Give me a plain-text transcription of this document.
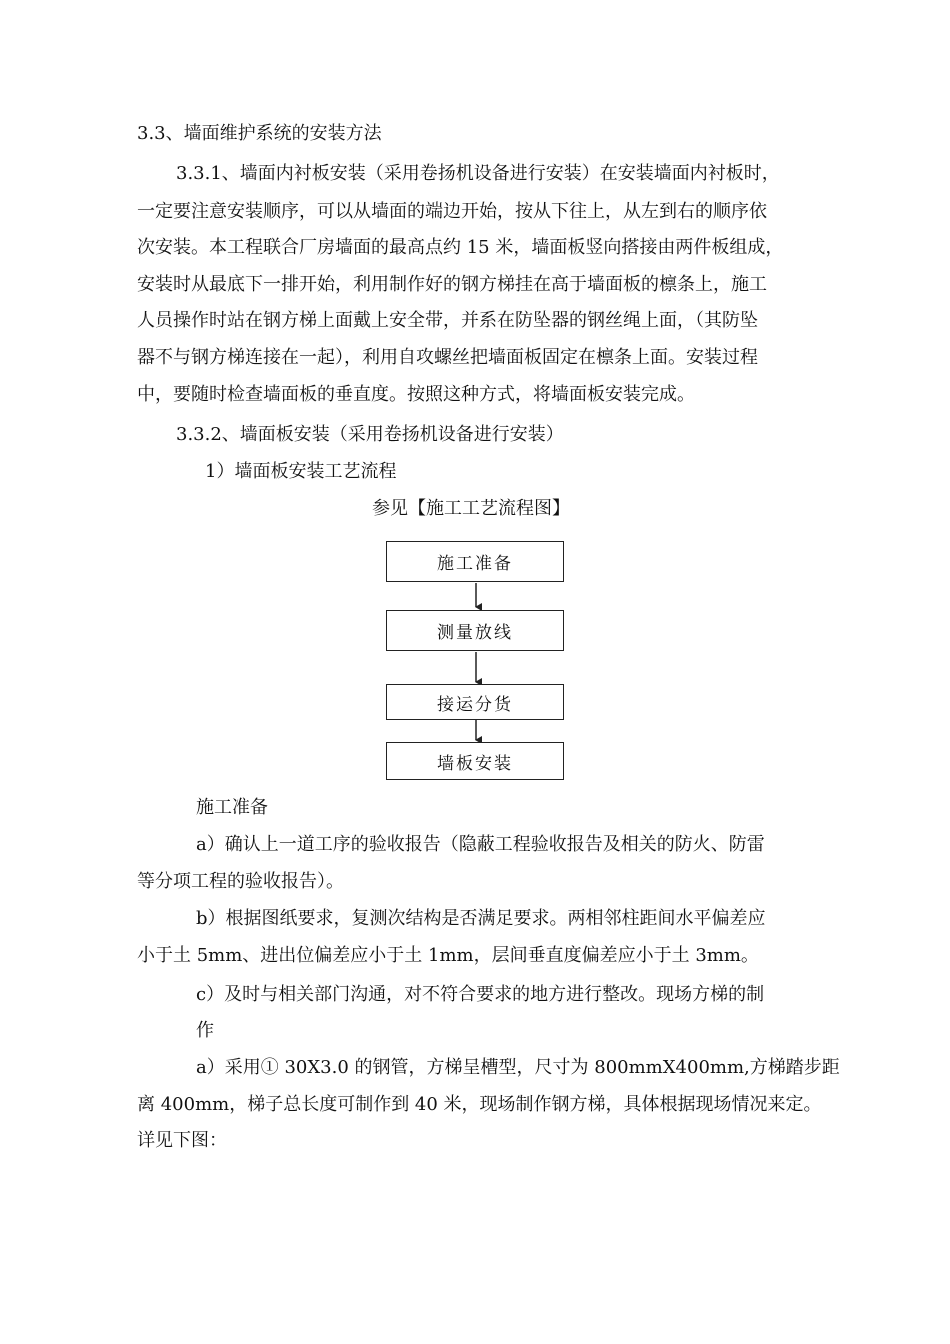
3.3、墙面维护系统的安装方法
3.3.1、墙面内衬板安装（采用卷扬机设备进行安装）在安装墙面内衬板时，
一定要注意安装顺序，可以从墙面的端边开始，按从下往上，从左到右的顺序依
次安装。本工程联合厂房墙面的最高点约 15 米，墙面板竖向搭接由两件板组成，
安装时从最底下一排开始，利用制作好的钢方梯挂在高于墙面板的檩条上，施工
人员操作时站在钢方梯上面戴上安全带，并系在防坠器的钢丝绳上面，（其防坠
器不与钢方梯连接在一起），利用自攻螺丝把墙面板固定在檩条上面。安装过程
中，要随时检查墙面板的垂直度。按照这种方式，将墙面板安装完成。
3.3.2、墙面板安装（采用卷扬机设备进行安装）
1）墙面板安装工艺流程
参见【施工工艺流程图】
施工准备
测量放线
接运分货
墙板安装
施工准备
a）确认上一道工序的验收报告（隐蔽工程验收报告及相关的防火、防雷
等分项工程的验收报告）。
b）根据图纸要求，复测次结构是否满足要求。两相邻柱距间水平偏差应
小于土 5mm、进出位偏差应小于土 1mm，层间垂直度偏差应小于土 3mm。
c）及时与相关部门沟通，对不符合要求的地方进行整改。现场方梯的制
作
a）采用① 30X3.0 的钢管，方梯呈槽型，尺寸为 800mmX400mm,方梯踏步距
离 400mm，梯子总长度可制作到 40 米，现场制作钢方梯，具体根据现场情况来定。
详见下图：
